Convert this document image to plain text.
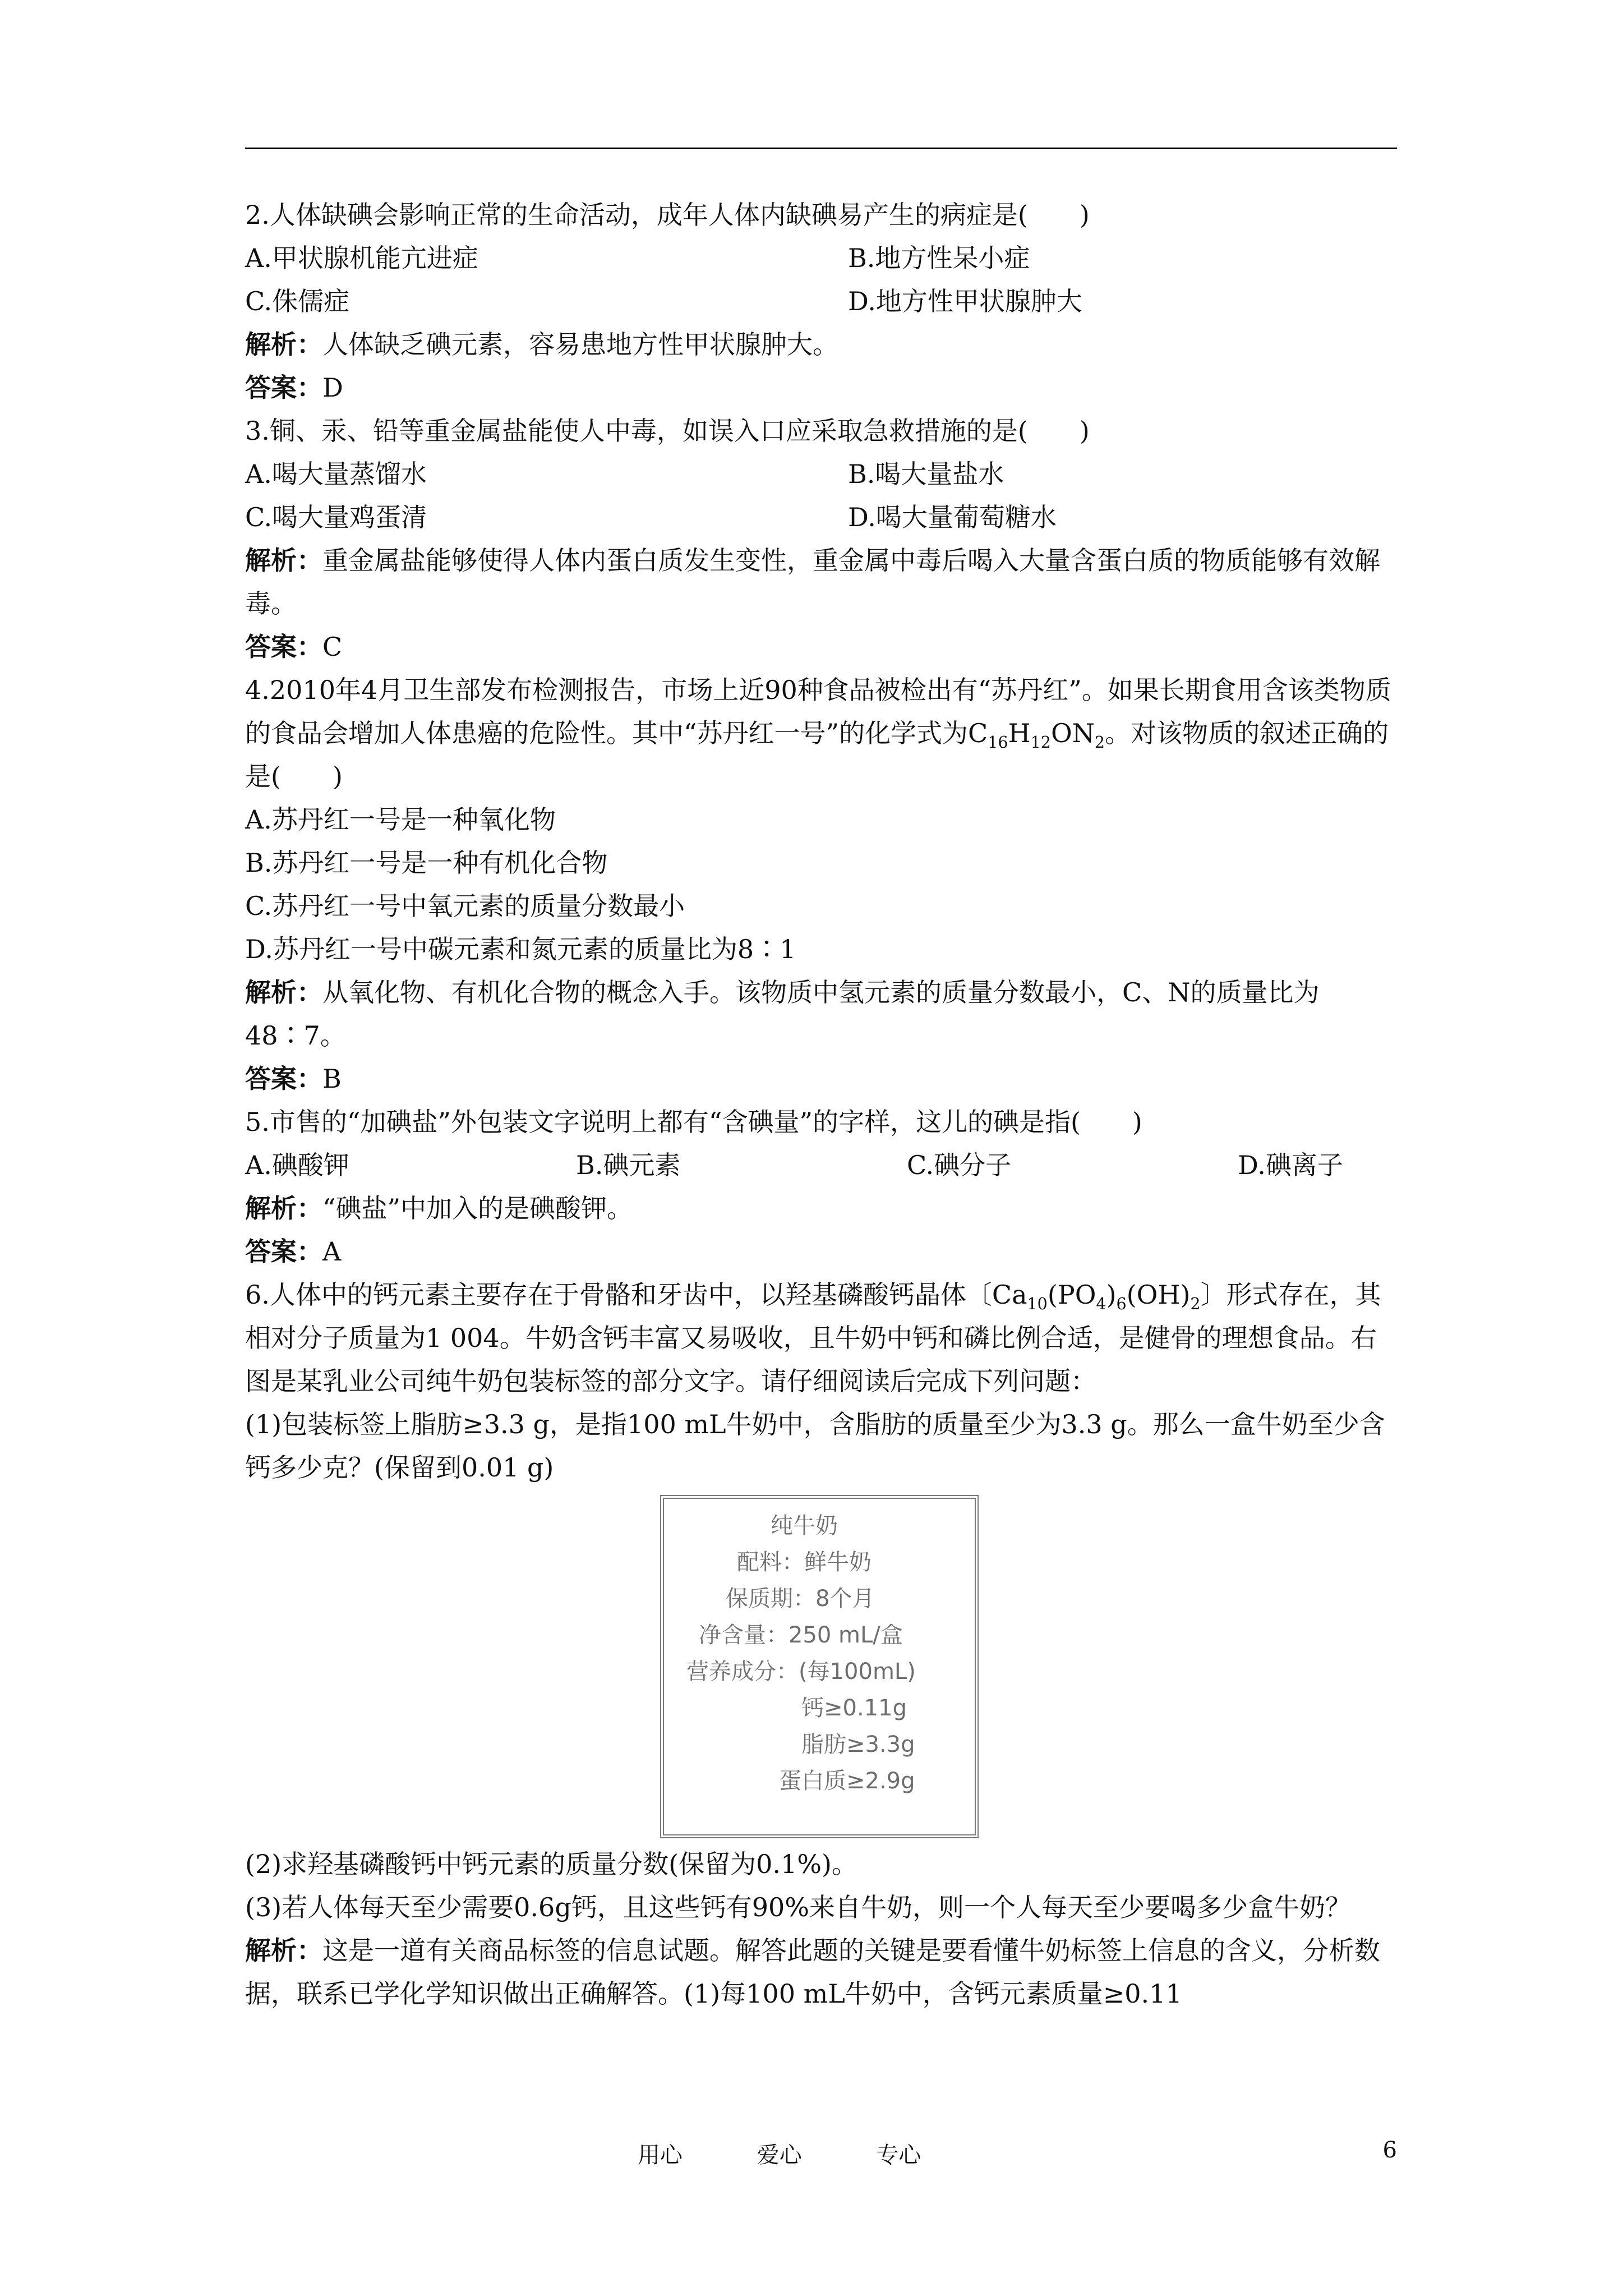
2.人体缺碘会影响正常的生命活动，成年人体内缺碘易产生的病症是(　　)
A.甲状腺机能亢进症	B.地方性呆小症
C.侏儒症	D.地方性甲状腺肿大
解析：人体缺乏碘元素，容易患地方性甲状腺肿大。
答案：D
3.铜、汞、铅等重金属盐能使人中毒，如误入口应采取急救措施的是(　　)
A.喝大量蒸馏水	B.喝大量盐水
C.喝大量鸡蛋清	D.喝大量葡萄糖水
解析：重金属盐能够使得人体内蛋白质发生变性，重金属中毒后喝入大量含蛋白质的物质能够有效解毒。
答案：C
4.2010年4月卫生部发布检测报告，市场上近90种食品被检出有“苏丹红”。如果长期食用含该类物质的食品会增加人体患癌的危险性。其中“苏丹红一号”的化学式为$C_{16}H_{12}ON_2$。对该物质的叙述正确的是(　　)
A.苏丹红一号是一种氧化物
B.苏丹红一号是一种有机化合物
C.苏丹红一号中氧元素的质量分数最小
D.苏丹红一号中碳元素和氮元素的质量比为8∶1
解析：从氧化物、有机化合物的概念入手。该物质中氢元素的质量分数最小，C、N的质量比为48∶7。
答案：B
5.市售的“加碘盐”外包装文字说明上都有“含碘量”的字样，这儿的碘是指(　　)
A.碘酸钾	B.碘元素	C.碘分子	D.碘离子
解析：“碘盐”中加入的是碘酸钾。
答案：A
6.人体中的钙元素主要存在于骨骼和牙齿中，以羟基磷酸钙晶体〔$Ca_{10}(PO_4)_6(OH)_2$〕形式存在，其相对分子质量为1 004。牛奶含钙丰富又易吸收，且牛奶中钙和磷比例合适，是健骨的理想食品。右图是某乳业公司纯牛奶包装标签的部分文字。请仔细阅读后完成下列问题：
(1)包装标签上脂肪≥3.3 g，是指100 mL牛奶中，含脂肪的质量至少为3.3 g。那么一盒牛奶至少含钙多少克？(保留到0.01 g)
纯牛奶
配料：鲜牛奶
保质期：8个月
净含量：250 mL/盒
营养成分：(每100mL)
钙≥0.11g
脂肪≥3.3g
蛋白质≥2.9g
(2)求羟基磷酸钙中钙元素的质量分数(保留为0.1%)。
(3)若人体每天至少需要0.6g钙，且这些钙有90%来自牛奶，则一个人每天至少要喝多少盒牛奶？
解析：这是一道有关商品标签的信息试题。解答此题的关键是要看懂牛奶标签上信息的含义，分析数据，联系已学化学知识做出正确解答。(1)每100 mL牛奶中，含钙元素质量≥0.11
用心	爱心	专心	6
